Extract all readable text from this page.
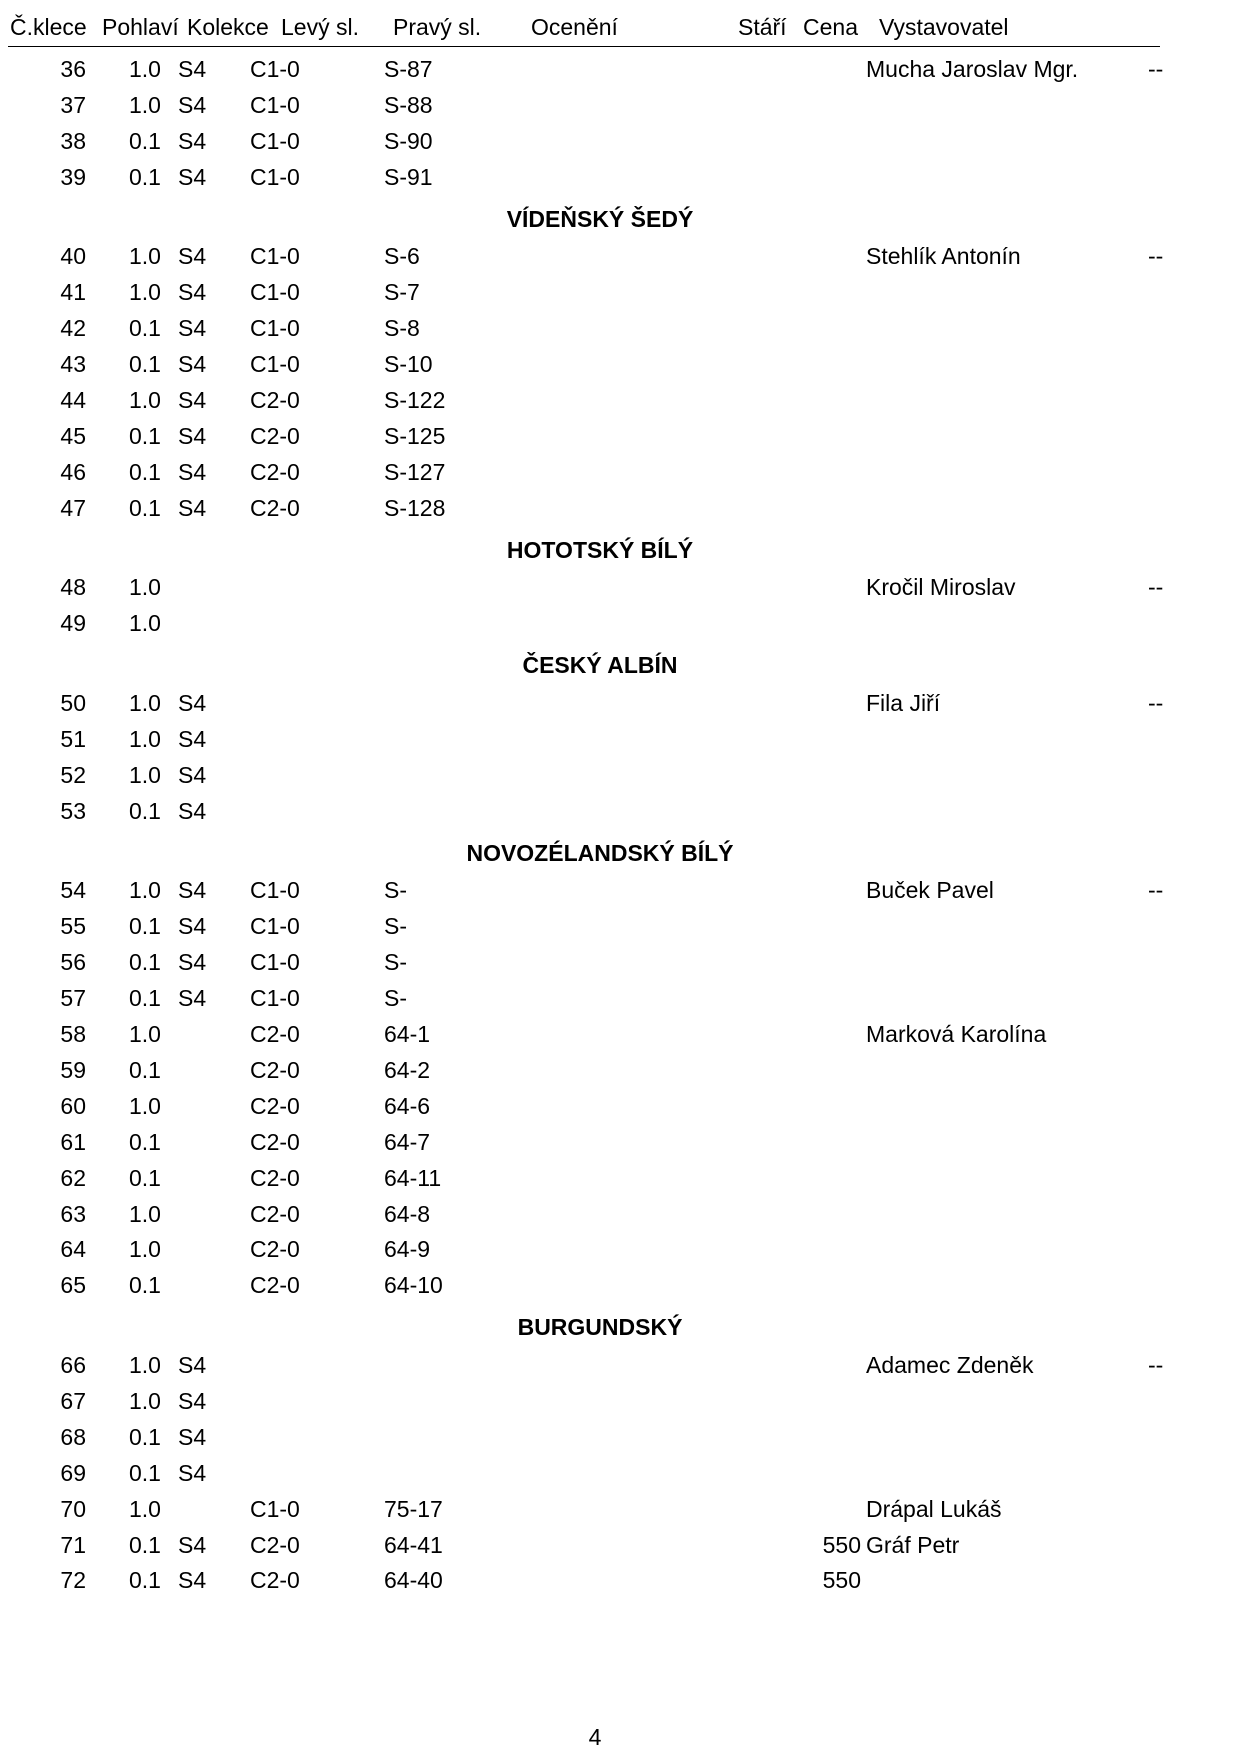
Č.klece Pohlaví Kolekce Levý sl. Pravý sl. Ocenění	Stáří Cena Vystavovatel
36 1.0 S4 C1-0	S-87	Mucha Jaroslav Mgr.	--
37 1.0 S4 C1-0	S-88
38 0.1 S4 C1-0	S-90
39 0.1 S4 C1-0	S-91
VÍDEŇSKÝ ŠEDÝ
40 1.0 S4 C1-0	S-6	Stehlík Antonín	--
41 1.0 S4 C1-0	S-7
42 0.1 S4 C1-0	S-8
43 0.1 S4 C1-0	S-10
44 1.0 S4 C2-0	S-122
45 0.1 S4 C2-0	S-125
46 0.1 S4 C2-0	S-127
47 0.1 S4 C2-0	S-128
HOTOTSKÝ BÍLÝ
48 1.0	Kročil Miroslav	--
49 1.0
ČESKÝ ALBÍN
50 1.0 S4	Fila Jiří	--
51 1.0 S4
52 1.0 S4
53 0.1 S4
NOVOZÉLANDSKÝ BÍLÝ
54 1.0 S4 C1-0	S-	Buček Pavel	--
55 0.1 S4 C1-0	S-
56 0.1 S4 C1-0	S-
57 0.1 S4 C1-0	S-
58 1.0	C2-0	64-1	Marková Karolína
59 0.1	C2-0	64-2
60 1.0	C2-0	64-6
61 0.1	C2-0	64-7
62 0.1	C2-0	64-11
63 1.0	C2-0	64-8
64 1.0	C2-0	64-9
65 0.1	C2-0	64-10
BURGUNDSKÝ
66 1.0 S4	Adamec Zdeněk	--
67 1.0 S4
68 0.1 S4
69 0.1 S4
70 1.0	C1-0	75-17	Drápal Lukáš
71 0.1 S4 C2-0	64-41	550 Gráf Petr
72 0.1 S4 C2-0	64-40	550
4
